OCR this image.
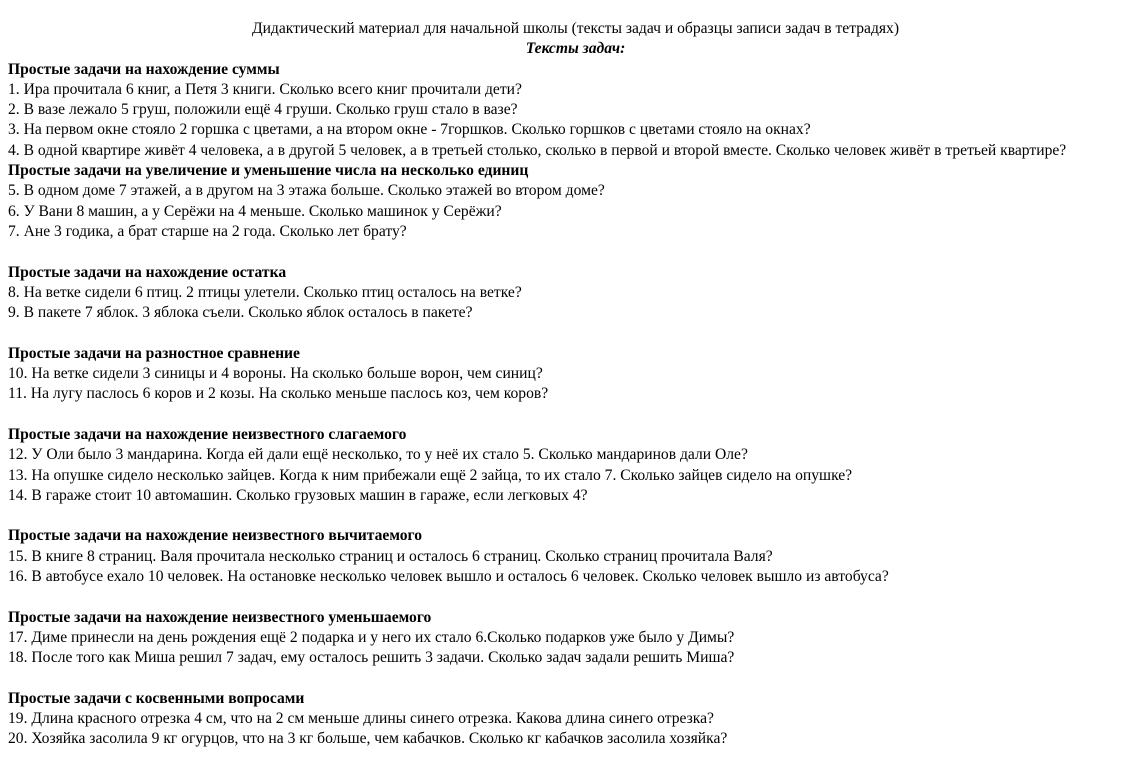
Дидактический материал для начальной школы (тексты задач и образцы записи задач в тетрадях)
Тексты задач:
Простые задачи на нахождение суммы
1. Ира прочитала 6 книг, а Петя 3 книги. Сколько всего книг прочитали дети?
2. В вазе лежало 5 груш, положили ещё 4 груши. Сколько груш стало в вазе?
3. На первом окне стояло 2 горшка с цветами, а на втором окне - 7горшков. Сколько горшков с цветами стояло на окнах?
4. В одной квартире живёт 4 человека, а в другой 5 человек, а в третьей столько, сколько в первой и второй вместе. Сколько человек живёт в третьей квартире?
Простые задачи на увеличение и уменьшение числа на несколько единиц
5. В одном доме 7 этажей, а в другом на 3 этажа больше. Сколько этажей во втором доме?
6. У Вани 8 машин, а у Серёжи на 4 меньше. Сколько машинок у Серёжи?
7. Ане 3 годика, а брат старше на 2 года. Сколько лет брату?
Простые задачи на нахождение остатка
8. На ветке сидели 6 птиц. 2 птицы улетели. Сколько птиц осталось на ветке?
9. В пакете 7 яблок. 3 яблока съели. Сколько яблок осталось в пакете?
Простые задачи на разностное сравнение
10. На ветке сидели 3 синицы и 4 вороны. На сколько больше ворон, чем синиц?
11. На лугу паслось 6 коров и 2 козы. На сколько меньше паслось коз, чем коров?
Простые задачи на нахождение неизвестного слагаемого
12. У Оли было 3 мандарина. Когда ей дали ещё несколько, то у неё их стало 5. Сколько мандаринов дали Оле?
13. На опушке сидело несколько зайцев. Когда к ним прибежали ещё 2 зайца, то их стало 7. Сколько зайцев сидело на опушке?
14. В гараже стоит 10 автомашин. Сколько грузовых машин в гараже, если легковых 4?
Простые задачи на нахождение неизвестного вычитаемого
15. В книге 8 страниц. Валя прочитала несколько страниц и осталось 6 страниц. Сколько страниц прочитала Валя?
16. В автобусе ехало 10 человек. На остановке несколько человек вышло и осталось 6 человек. Сколько человек вышло из автобуса?
Простые задачи на нахождение неизвестного уменьшаемого
17. Диме принесли на день рождения ещё 2 подарка и у него их стало 6.Сколько подарков уже было у Димы?
18. После того как Миша решил 7 задач, ему осталось решить 3 задачи. Сколько задач задали решить Миша?
Простые задачи с косвенными вопросами
19. Длина красного отрезка 4 см, что на 2 см меньше длины синего отрезка. Какова длина синего отрезка?
20. Хозяйка засолила 9 кг огурцов, что на 3 кг больше, чем кабачков. Сколько кг кабачков засолила хозяйка?
